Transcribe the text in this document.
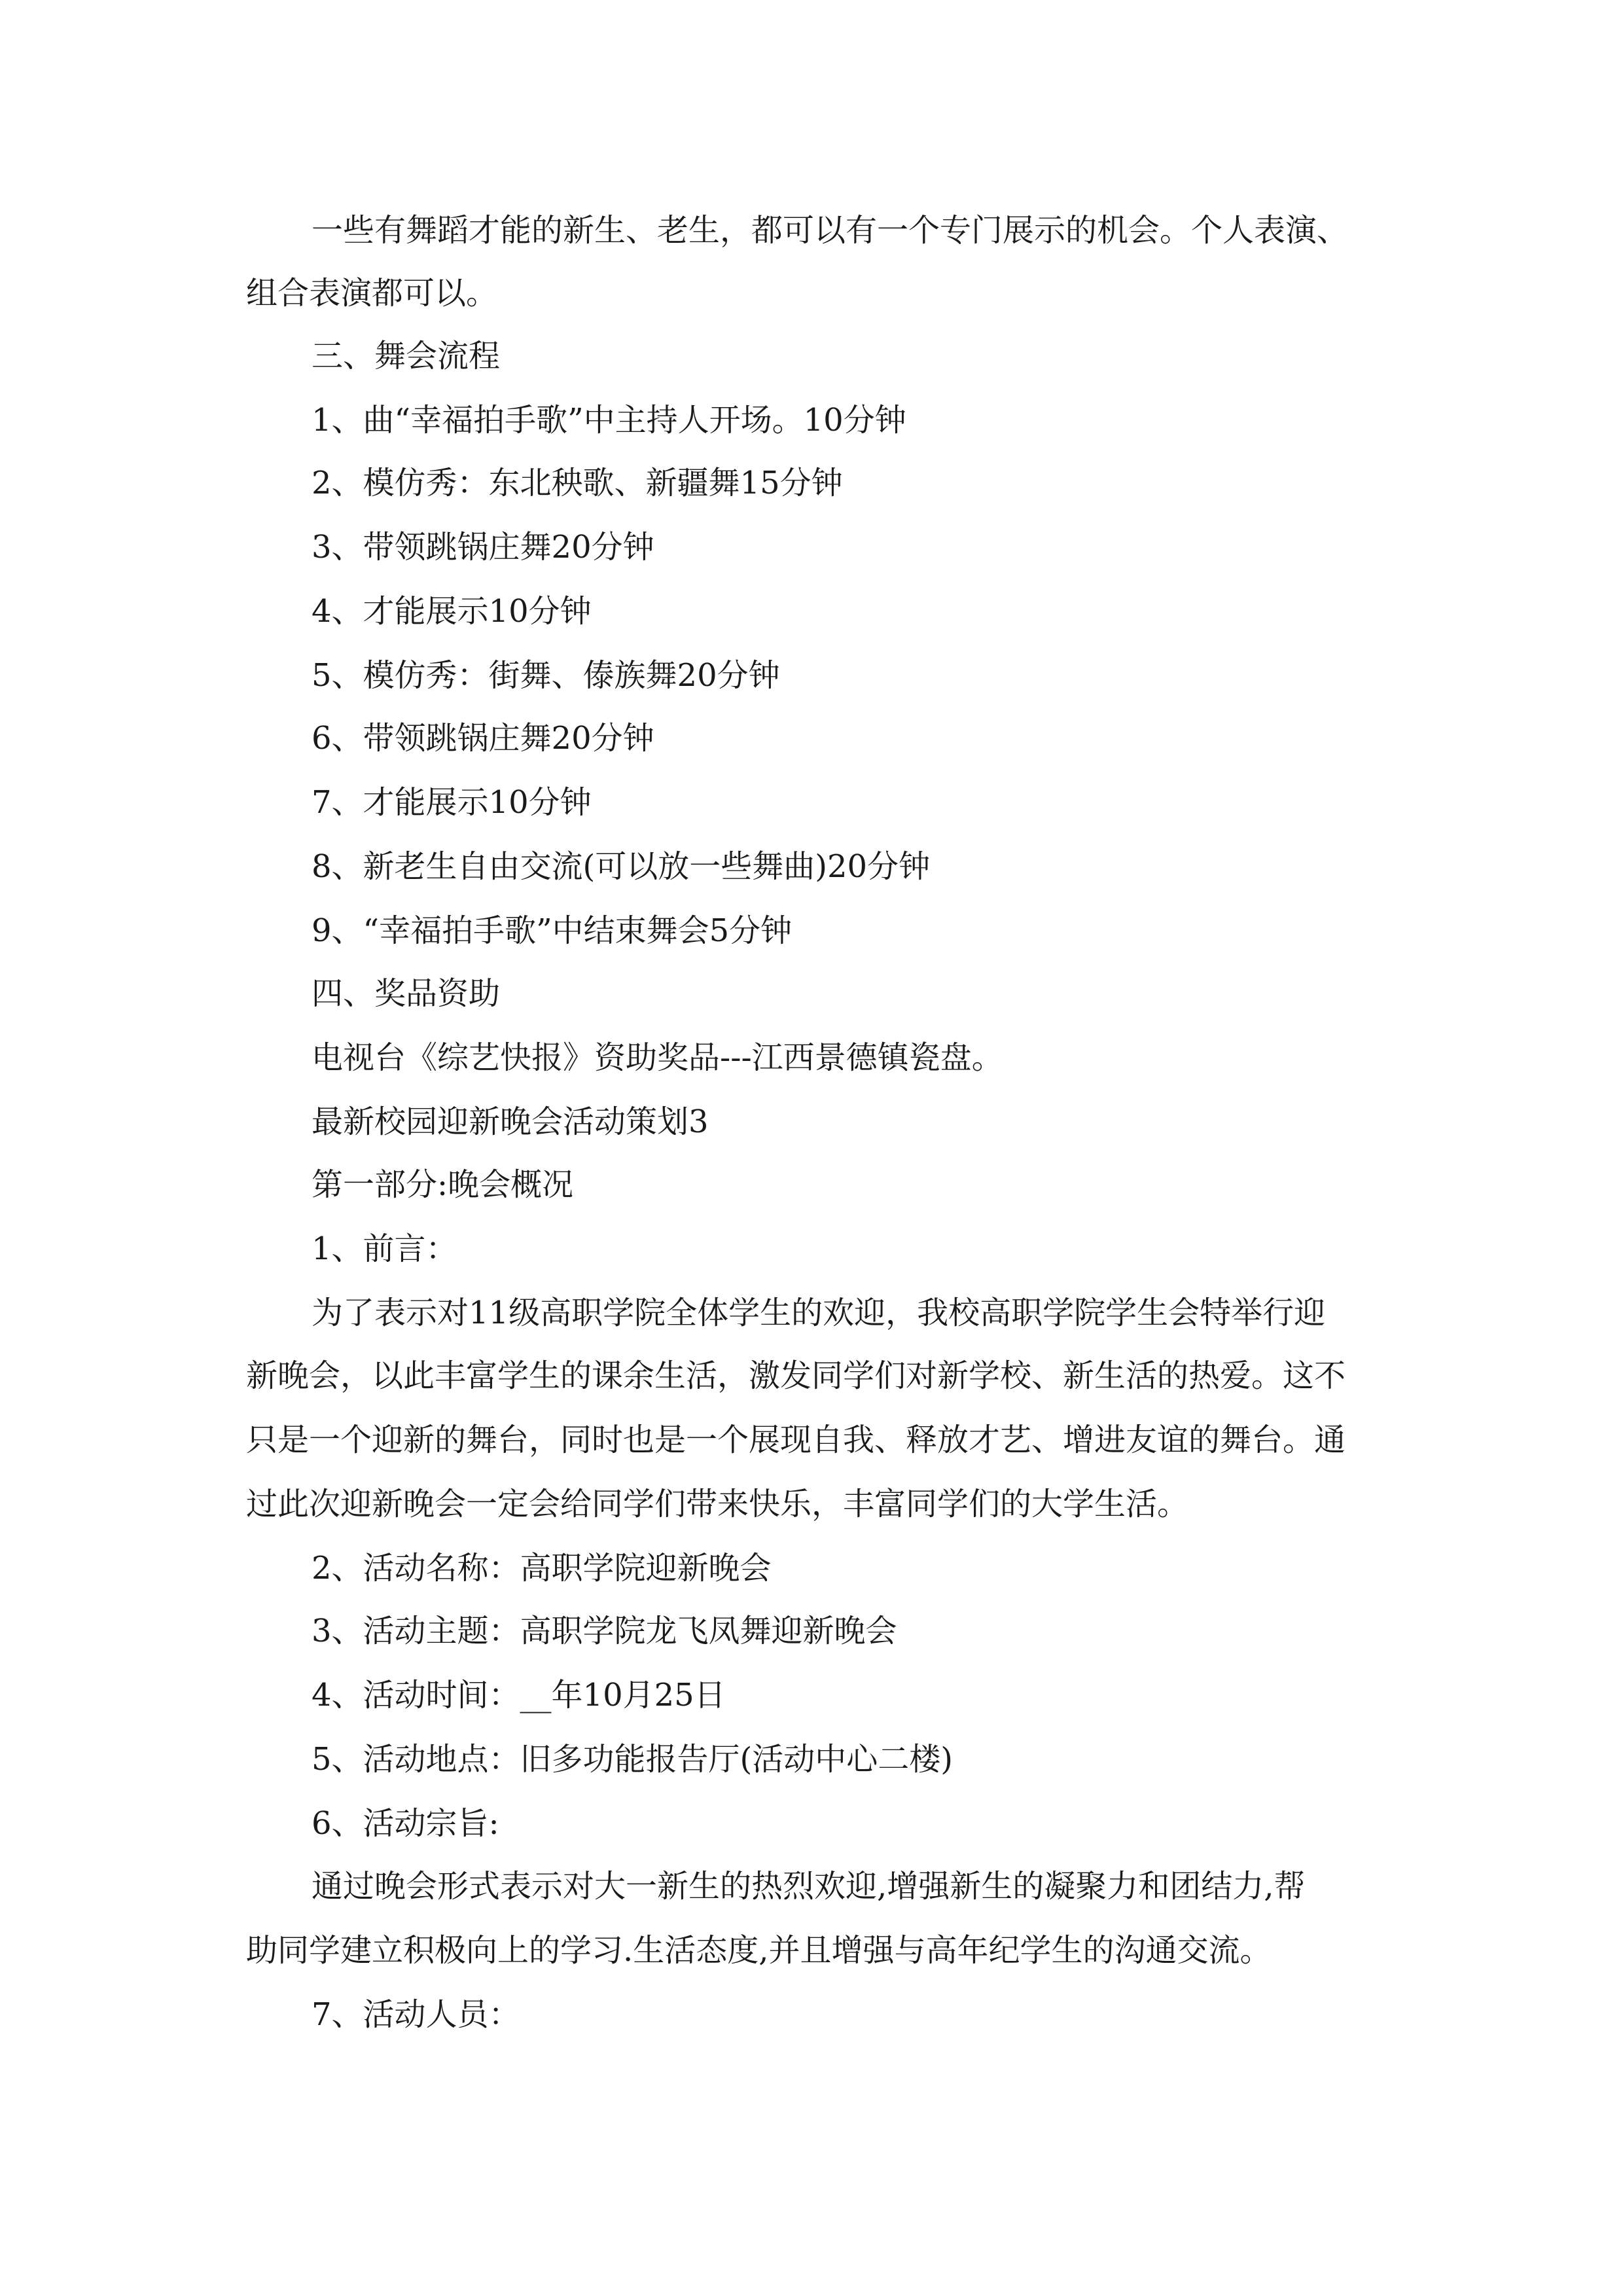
一些有舞蹈才能的新生、老生，都可以有一个专门展示的机会。个人表演、

组合表演都可以。

三、舞会流程

1、曲“幸福拍手歌”中主持人开场。10分钟

2、模仿秀：东北秧歌、新疆舞15分钟

3、带领跳锅庄舞20分钟

4、才能展示10分钟

5、模仿秀：街舞、傣族舞20分钟

6、带领跳锅庄舞20分钟

7、才能展示10分钟

8、新老生自由交流(可以放一些舞曲)20分钟

9、“幸福拍手歌”中结束舞会5分钟

四、奖品资助

电视台《综艺快报》资助奖品---江西景德镇瓷盘。

最新校园迎新晚会活动策划3

第一部分:晚会概况

1、前言：

为了表示对11级高职学院全体学生的欢迎，我校高职学院学生会特举行迎

新晚会，以此丰富学生的课余生活，激发同学们对新学校、新生活的热爱。这不

只是一个迎新的舞台，同时也是一个展现自我、释放才艺、增进友谊的舞台。通

过此次迎新晚会一定会给同学们带来快乐，丰富同学们的大学生活。

2、活动名称：高职学院迎新晚会

3、活动主题：高职学院龙飞凤舞迎新晚会

4、活动时间：__年10月25日

5、活动地点：旧多功能报告厅(活动中心二楼)

6、活动宗旨:

通过晚会形式表示对大一新生的热烈欢迎,增强新生的凝聚力和团结力,帮

助同学建立积极向上的学习.生活态度,并且增强与高年纪学生的沟通交流。

7、活动人员：
